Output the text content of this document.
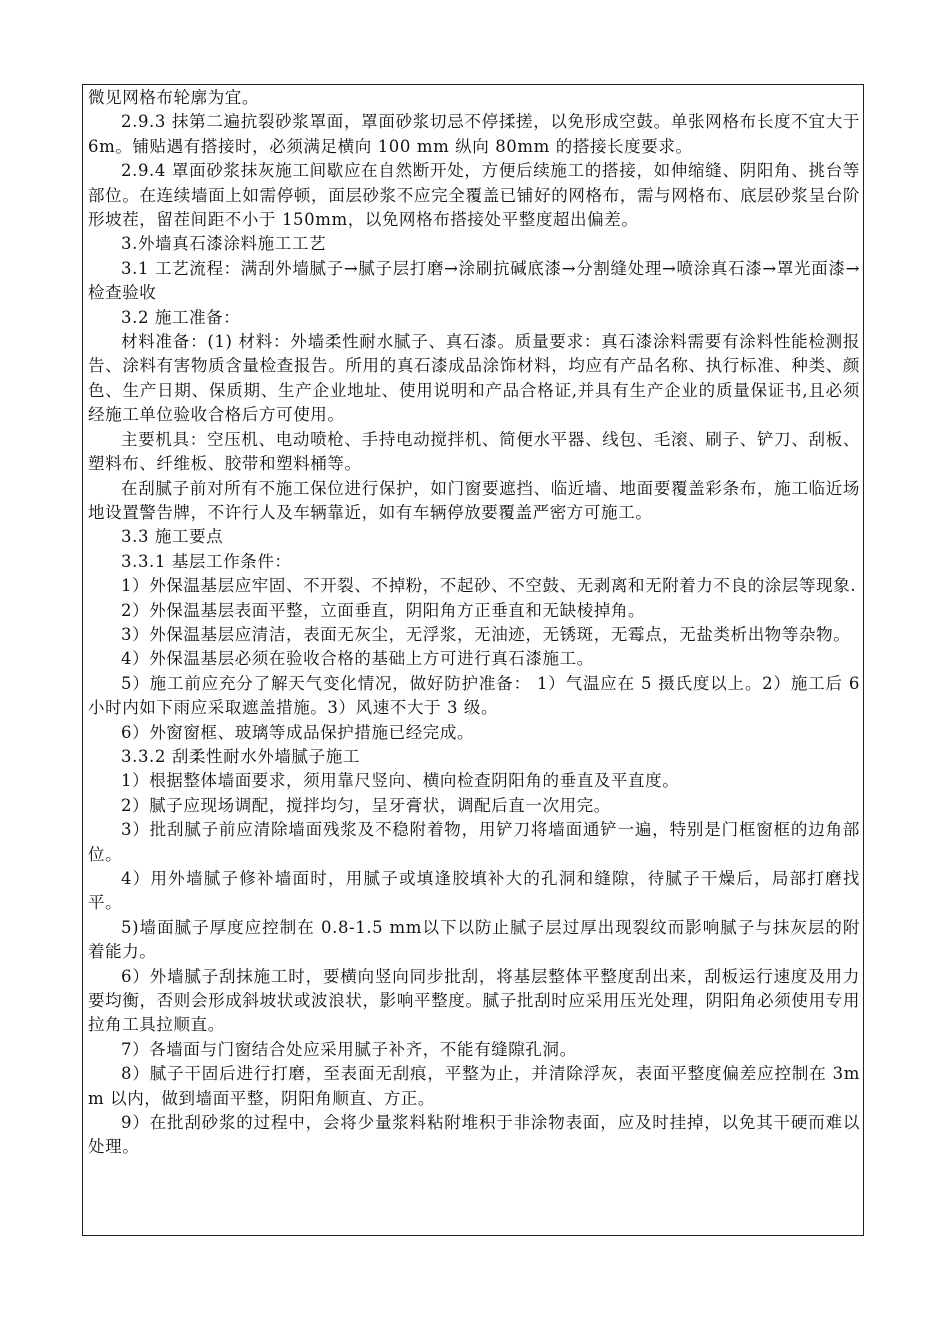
微见网格布轮廓为宜。

2.9.3 抹第二遍抗裂砂浆罩面，罩面砂浆切忌不停揉搓，以免形成空鼓。单张网格布长度不宜大于 6m。铺贴遇有搭接时，必须满足横向 100 mm 纵向 80mm 的搭接长度要求。

2.9.4 罩面砂浆抹灰施工间歇应在自然断开处，方便后续施工的搭接，如伸缩缝、阴阳角、挑台等部位。在连续墙面上如需停顿，面层砂浆不应完全覆盖已铺好的网格布，需与网格布、底层砂浆呈台阶形坡茬，留茬间距不小于 150mm，以免网格布搭接处平整度超出偏差。

3.外墙真石漆涂料施工工艺

3.1 工艺流程：满刮外墙腻子→腻子层打磨→涂刷抗碱底漆→分割缝处理→喷涂真石漆→罩光面漆→检查验收

3.2 施工准备：

材料准备：(1) 材料：外墙柔性耐水腻子、真石漆。质量要求：真石漆涂料需要有涂料性能检测报告、涂料有害物质含量检查报告。所用的真石漆成品涂饰材料，均应有产品名称、执行标准、种类、颜色、生产日期、保质期、生产企业地址、使用说明和产品合格证,并具有生产企业的质量保证书,且必须经施工单位验收合格后方可使用。

主要机具：空压机、电动喷枪、手持电动搅拌机、简便水平器、线包、毛滚、刷子、铲刀、刮板、塑料布、纤维板、胶带和塑料桶等。

在刮腻子前对所有不施工保位进行保护，如门窗要遮挡、临近墙、地面要覆盖彩条布，施工临近场地设置警告牌，不许行人及车辆靠近，如有车辆停放要覆盖严密方可施工。

3.3 施工要点

3.3.1 基层工作条件：

1）外保温基层应牢固、不开裂、不掉粉，不起砂、不空鼓、无剥离和无附着力不良的涂层等现象.

2）外保温基层表面平整，立面垂直，阴阳角方正垂直和无缺棱掉角。

3）外保温基层应清洁，表面无灰尘，无浮浆，无油迹，无锈斑，无霉点，无盐类析出物等杂物。

4）外保温基层必须在验收合格的基础上方可进行真石漆施工。

5）施工前应充分了解天气变化情况，做好防护准备： 1）气温应在 5 摄氏度以上。2）施工后 6 小时内如下雨应采取遮盖措施。3）风速不大于 3 级。

6）外窗窗框、玻璃等成品保护措施已经完成。

3.3.2 刮柔性耐水外墙腻子施工

1）根据整体墙面要求，须用靠尺竖向、横向检查阴阳角的垂直及平直度。

2）腻子应现场调配，搅拌均匀，呈牙膏状，调配后直一次用完。

3）批刮腻子前应清除墙面残浆及不稳附着物，用铲刀将墙面通铲一遍，特别是门框窗框的边角部位。

4）用外墙腻子修补墙面时，用腻子或填逢胶填补大的孔洞和缝隙，待腻子干燥后，局部打磨找平。

5)墙面腻子厚度应控制在 0.8-1.5 mm以下以防止腻子层过厚出现裂纹而影响腻子与抹灰层的附着能力。

6）外墙腻子刮抹施工时，要横向竖向同步批刮，将基层整体平整度刮出来，刮板运行速度及用力要均衡，否则会形成斜坡状或波浪状，影响平整度。腻子批刮时应采用压光处理，阴阳角必须使用专用拉角工具拉顺直。

7）各墙面与门窗结合处应采用腻子补齐，不能有缝隙孔洞。

8）腻子干固后进行打磨，至表面无刮痕，平整为止，并清除浮灰，表面平整度偏差应控制在 3mm 以内，做到墙面平整，阴阳角顺直、方正。

9）在批刮砂浆的过程中，会将少量浆料粘附堆积于非涂物表面，应及时挂掉，以免其干硬而难以处理。
